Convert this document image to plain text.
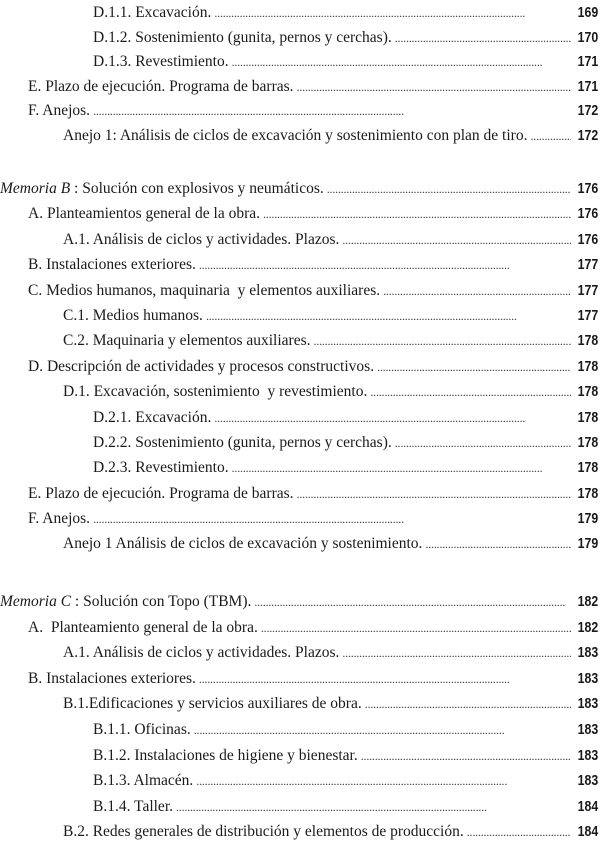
D.1.1. Excavación. . . .	169
D.1.2. Sostenimiento (gunita, pernos y cerchas). . . .	170
D.1.3. Revestimiento. . . .	171
E. Plazo de ejecución. Programa de barras. . . .	171
F. Anejos. . . .	172
Anejo 1: Análisis de ciclos de excavación y sostenimiento con plan de tiro. . . .	172
Memoria B : Solución con explosivos y neumáticos. . . .	176
A. Planteamientos general de la obra. . . .	176
A.1. Análisis de ciclos y actividades. Plazos. . . .	176
B. Instalaciones exteriores. . . .	177
C. Medios humanos, maquinaria  y elementos auxiliares. . . .	177
C.1. Medios humanos. . . .	177
C.2. Maquinaria y elementos auxiliares. . . .	178
D. Descripción de actividades y procesos constructivos. . . .	178
D.1. Excavación, sostenimiento  y revestimiento. . . .	178
D.2.1. Excavación. . . .	178
D.2.2. Sostenimiento (gunita, pernos y cerchas). . . .	178
D.2.3. Revestimiento. . . .	178
E. Plazo de ejecución. Programa de barras. . . .	178
F. Anejos. . . .	179
Anejo 1 Análisis de ciclos de excavación y sostenimiento. . . .	179
Memoria C : Solución con Topo (TBM). . . .	182
A.  Planteamiento general de la obra. . . .	182
A.1. Análisis de ciclos y actividades. Plazos. . . .	183
B. Instalaciones exteriores. . . .	183
B.1.Edificaciones y servicios auxiliares de obra. . . .	183
B.1.1. Oficinas. . . .	183
B.1.2. Instalaciones de higiene y bienestar. . . .	183
B.1.3. Almacén. . . .	183
B.1.4. Taller. . . .	184
B.2. Redes generales de distribución y elementos de producción. . . .	184
